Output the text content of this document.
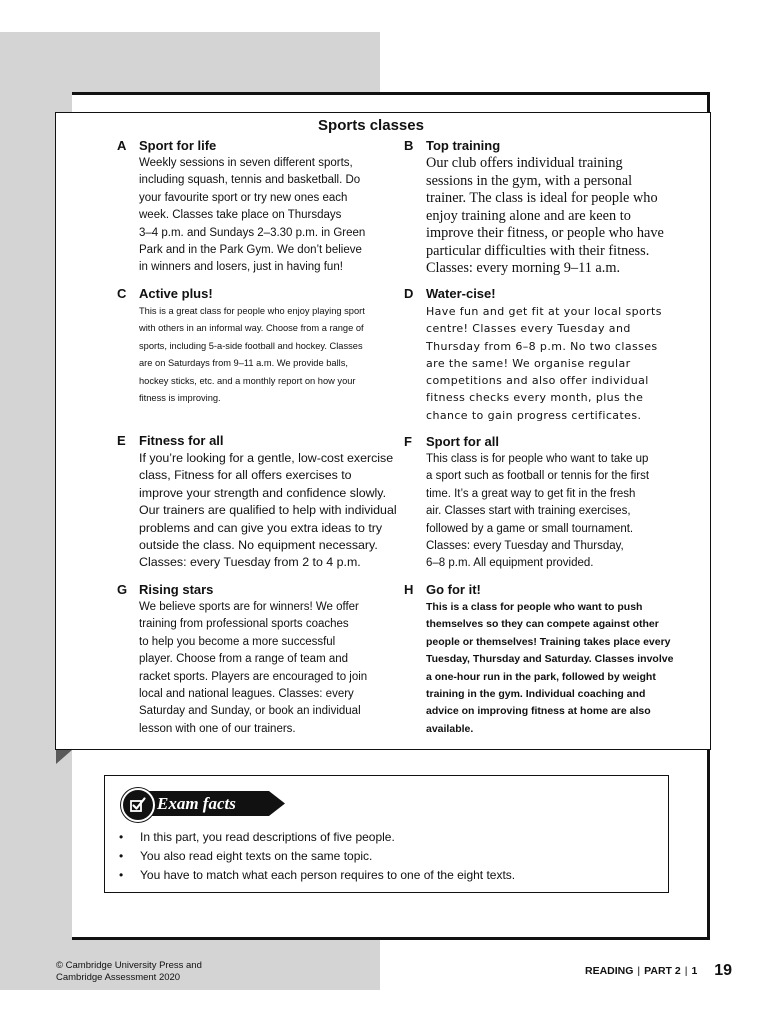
Sports classes
A Sport for life
Weekly sessions in seven different sports,
including squash, tennis and basketball. Do
your favourite sport or try new ones each
week. Classes take place on Thursdays
3–4 p.m. and Sundays 2–3.30 p.m. in Green
Park and in the Park Gym. We don’t believe
in winners and losers, just in having fun!
B Top training
Our club offers individual training
sessions in the gym, with a personal
trainer. The class is ideal for people who
enjoy training alone and are keen to
improve their fitness, or people who have
particular difficulties with their fitness.
Classes: every morning 9–11 a.m.
C Active plus!
This is a great class for people who enjoy playing sport
with others in an informal way. Choose from a range of
sports, including 5-a-side football and hockey. Classes
are on Saturdays from 9–11 a.m. We provide balls,
hockey sticks, etc. and a monthly report on how your
fitness is improving.
D Water-cise!
Have fun and get fit at your local sports
centre! Classes every Tuesday and
Thursday from 6–8 p.m. No two classes
are the same! We organise regular
competitions and also offer individual
fitness checks every month, plus the
chance to gain progress certificates.
E Fitness for all
If you’re looking for a gentle, low-cost exercise
class, Fitness for all offers exercises to
improve your strength and confidence slowly.
Our trainers are qualified to help with individual
problems and can give you extra ideas to try
outside the class. No equipment necessary.
Classes: every Tuesday from 2 to 4 p.m.
F Sport for all
This class is for people who want to take up
a sport such as football or tennis for the first
time. It’s a great way to get fit in the fresh
air. Classes start with training exercises,
followed by a game or small tournament.
Classes: every Tuesday and Thursday,
6–8 p.m. All equipment provided.
G Rising stars
We believe sports are for winners! We offer
training from professional sports coaches
to help you become a more successful
player. Choose from a range of team and
racket sports. Players are encouraged to join
local and national leagues. Classes: every
Saturday and Sunday, or book an individual
lesson with one of our trainers.
H Go for it!
This is a class for people who want to push
themselves so they can compete against other
people or themselves! Training takes place every
Tuesday, Thursday and Saturday. Classes involve
a one-hour run in the park, followed by weight
training in the gym. Individual coaching and
advice on improving fitness at home are also
available.
Exam facts
• In this part, you read descriptions of five people.
• You also read eight texts on the same topic.
• You have to match what each person requires to one of the eight texts.
© Cambridge University Press and
Cambridge Assessment 2020	READING | PART 2 | 1 19
